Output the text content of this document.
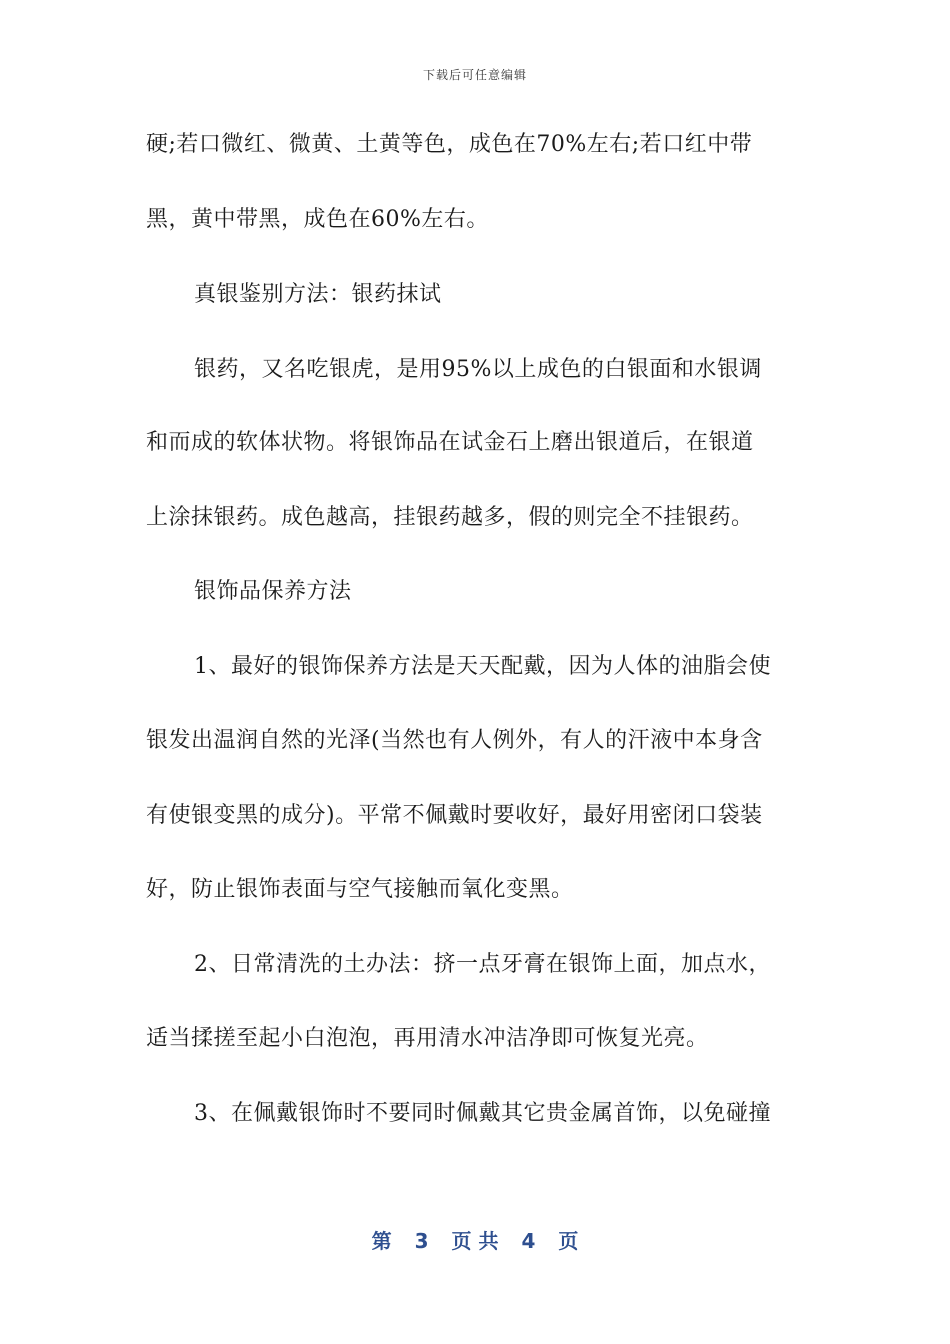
下载后可任意编辑
硬;若口微红、微黄、土黄等色，成色在70%左右;若口红中带
黑，黄中带黑，成色在60%左右。
真银鉴别方法：银药抹试
银药，又名吃银虎，是用95%以上成色的白银面和水银调
和而成的软体状物。将银饰品在试金石上磨出银道后，在银道
上涂抹银药。成色越高，挂银药越多，假的则完全不挂银药。
银饰品保养方法
1、最好的银饰保养方法是天天配戴，因为人体的油脂会使
银发出温润自然的光泽(当然也有人例外，有人的汗液中本身含
有使银变黑的成分)。平常不佩戴时要收好，最好用密闭口袋装
好，防止银饰表面与空气接触而氧化变黑。
2、日常清洗的土办法：挤一点牙膏在银饰上面，加点水，
适当揉搓至起小白泡泡，再用清水冲洁净即可恢复光亮。
3、在佩戴银饰时不要同时佩戴其它贵金属首饰，以免碰撞
第 3 页 共 4 页
